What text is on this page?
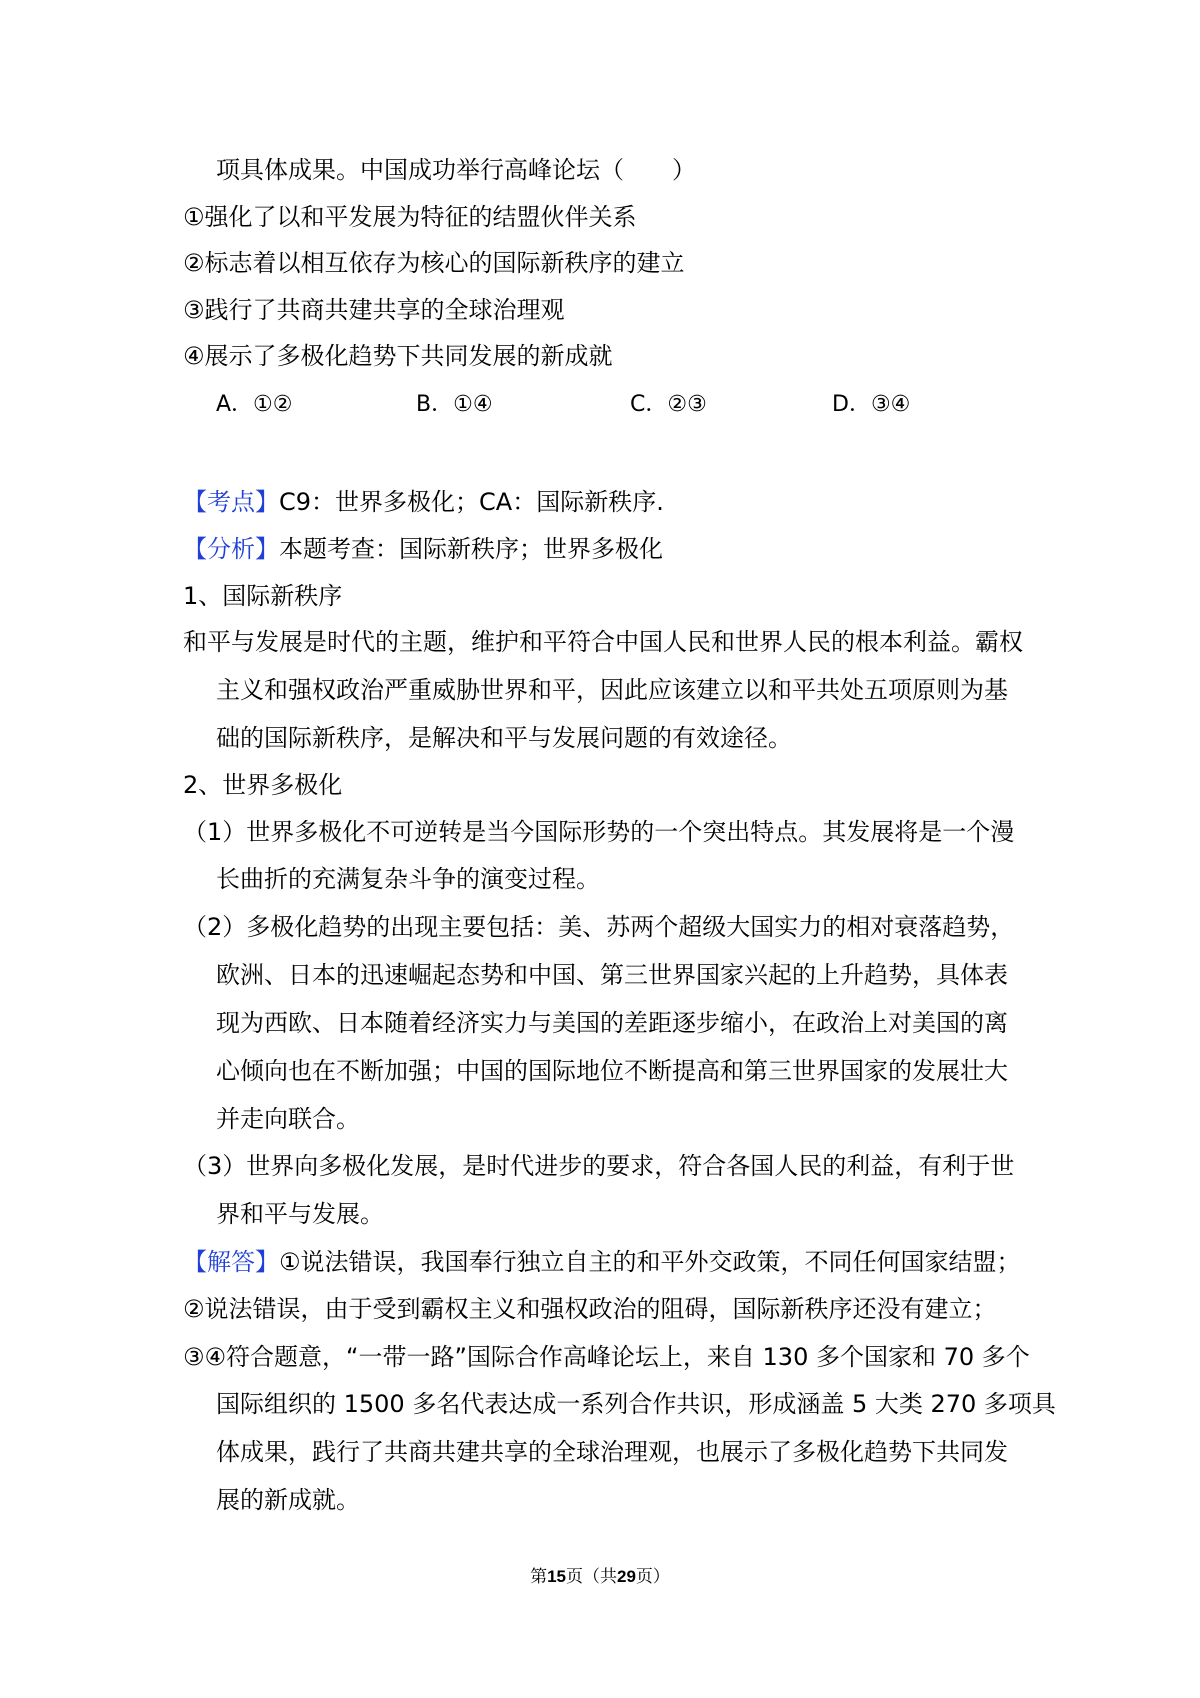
项具体成果。中国成功举行高峰论坛（　　）
①强化了以和平发展为特征的结盟伙伴关系
②标志着以相互依存为核心的国际新秩序的建立
③践行了共商共建共享的全球治理观
④展示了多极化趋势下共同发展的新成就
A．①②	B．①④	C．②③	D．③④
【考点】C9：世界多极化；CA：国际新秩序.
【分析】本题考查：国际新秩序；世界多极化
1、国际新秩序
和平与发展是时代的主题，维护和平符合中国人民和世界人民的根本利益。霸权
主义和强权政治严重威胁世界和平，因此应该建立以和平共处五项原则为基
础的国际新秩序，是解决和平与发展问题的有效途径。
2、世界多极化
（1）世界多极化不可逆转是当今国际形势的一个突出特点。其发展将是一个漫
长曲折的充满复杂斗争的演变过程。
（2）多极化趋势的出现主要包括：美、苏两个超级大国实力的相对衰落趋势，
欧洲、日本的迅速崛起态势和中国、第三世界国家兴起的上升趋势，具体表
现为西欧、日本随着经济实力与美国的差距逐步缩小，在政治上对美国的离
心倾向也在不断加强；中国的国际地位不断提高和第三世界国家的发展壮大
并走向联合。
（3）世界向多极化发展，是时代进步的要求，符合各国人民的利益，有利于世
界和平与发展。
【解答】①说法错误，我国奉行独立自主的和平外交政策，不同任何国家结盟；
②说法错误，由于受到霸权主义和强权政治的阻碍，国际新秩序还没有建立；
③④符合题意，“一带一路”国际合作高峰论坛上，来自 130 多个国家和 70 多个
国际组织的 1500 多名代表达成一系列合作共识，形成涵盖 5 大类 270 多项具
体成果，践行了共商共建共享的全球治理观，也展示了多极化趋势下共同发
展的新成就。
第15页（共29页）
